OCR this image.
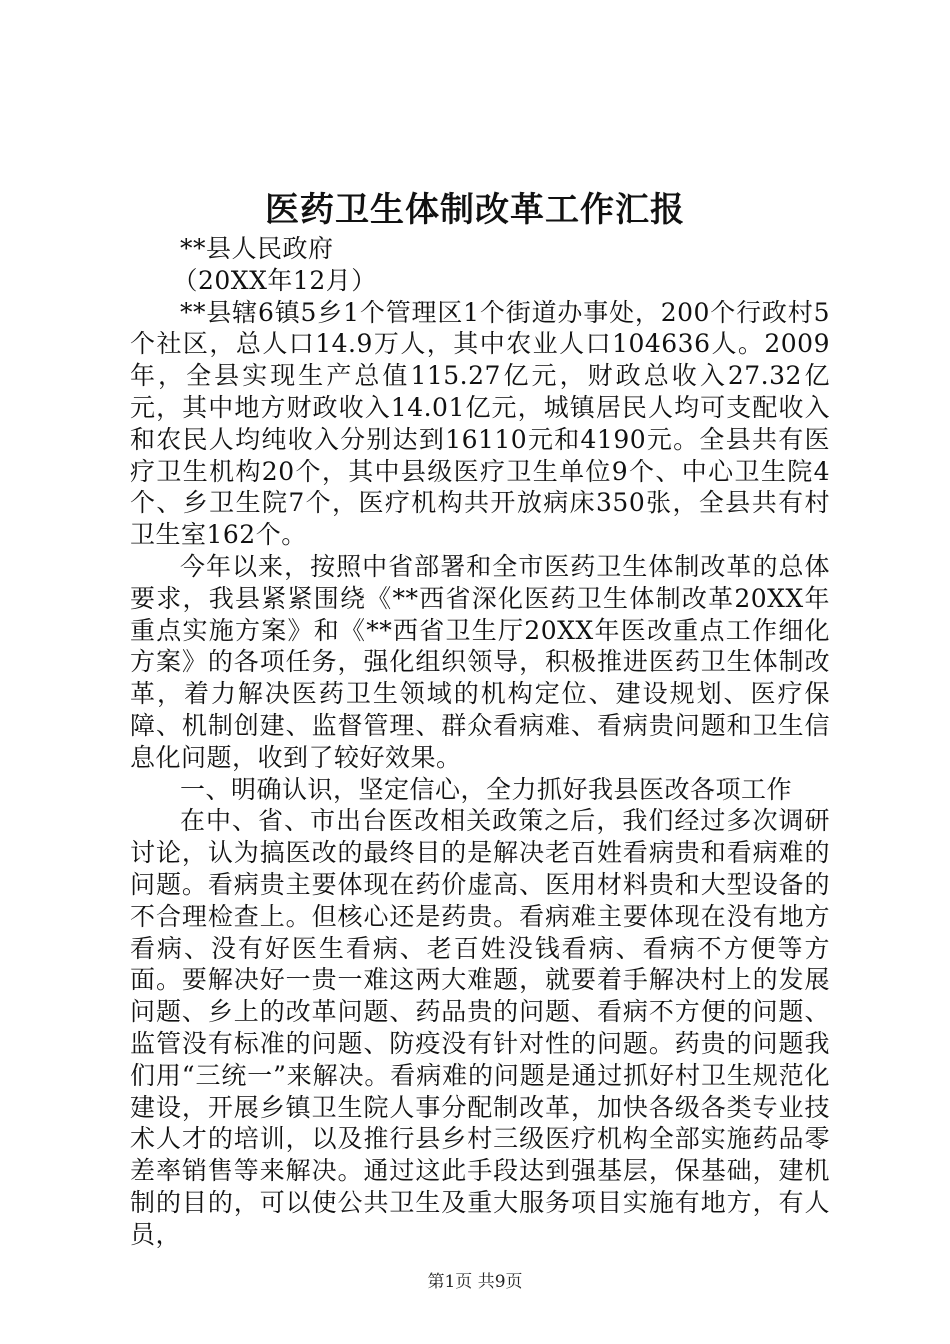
医药卫生体制改革工作汇报

**县人民政府

（20XX年12月）

**县辖6镇5乡1个管理区1个街道办事处，200个行政村5个社区，总人口14.9万人，其中农业人口104636人。2009年，全县实现生产总值115.27亿元，财政总收入27.32亿元，其中地方财政收入14.01亿元，城镇居民人均可支配收入和农民人均纯收入分别达到16110元和4190元。全县共有医疗卫生机构20个，其中县级医疗卫生单位9个、中心卫生院4个、乡卫生院7个，医疗机构共开放病床350张，全县共有村卫生室162个。

今年以来，按照中省部署和全市医药卫生体制改革的总体要求，我县紧紧围绕《**西省深化医药卫生体制改革20XX年重点实施方案》和《**西省卫生厅20XX年医改重点工作细化方案》的各项任务，强化组织领导，积极推进医药卫生体制改革，着力解决医药卫生领域的机构定位、建设规划、医疗保障、机制创建、监督管理、群众看病难、看病贵问题和卫生信息化问题，收到了较好效果。

一、明确认识，坚定信心，全力抓好我县医改各项工作

在中、省、市出台医改相关政策之后，我们经过多次调研讨论，认为搞医改的最终目的是解决老百姓看病贵和看病难的问题。看病贵主要体现在药价虚高、医用材料贵和大型设备的不合理检查上。但核心还是药贵。看病难主要体现在没有地方看病、没有好医生看病、老百姓没钱看病、看病不方便等方面。要解决好一贵一难这两大难题，就要着手解决村上的发展问题、乡上的改革问题、药品贵的问题、看病不方便的问题、监管没有标准的问题、防疫没有针对性的问题。药贵的问题我们用“三统一”来解决。看病难的问题是通过抓好村卫生规范化建设，开展乡镇卫生院人事分配制改革，加快各级各类专业技术人才的培训，以及推行县乡村三级医疗机构全部实施药品零差率销售等来解决。通过这此手段达到强基层，保基础，建机制的目的，可以使公共卫生及重大服务项目实施有地方，有人员，

第1页 共9页
